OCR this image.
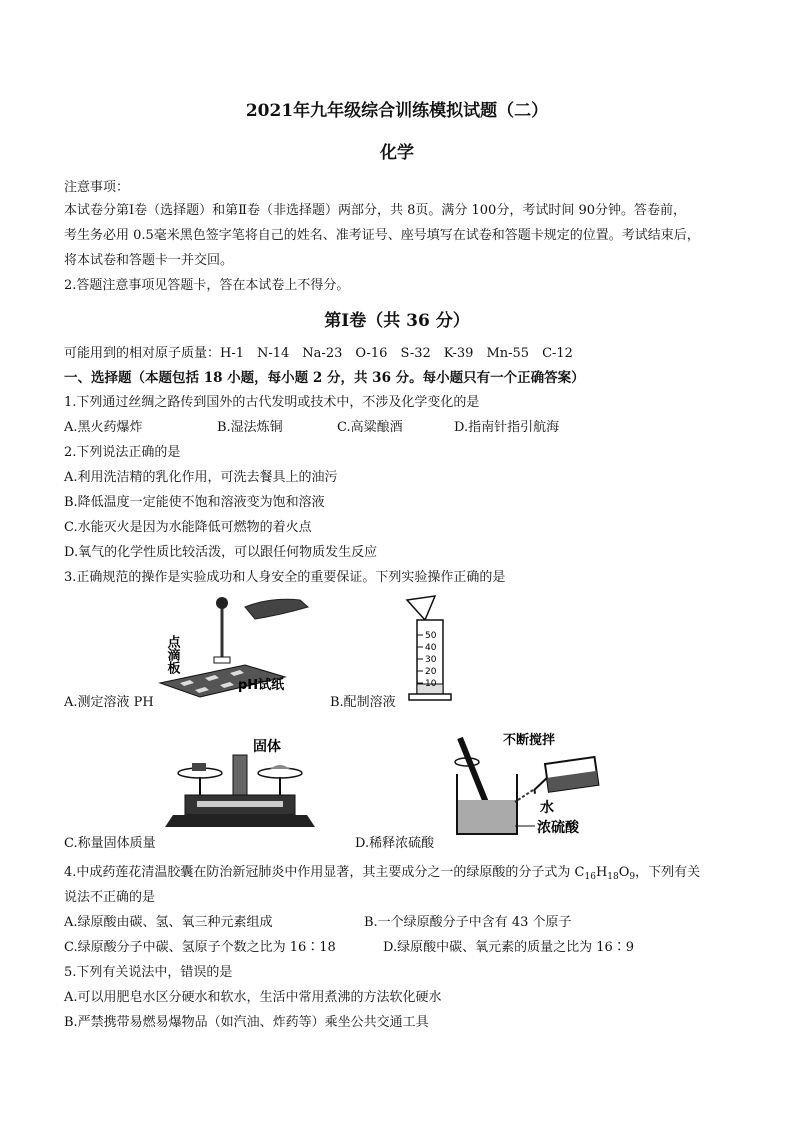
2021年九年级综合训练模拟试题（二）
化学
注意事项：
本试卷分第Ⅰ卷（选择题）和第Ⅱ卷（非选择题）两部分，共 8页。满分 100分，考试时间 90分钟。答卷前，
考生务必用 0.5毫米黑色签字笔将自己的姓名、准考证号、座号填写在试卷和答题卡规定的位置。考试结束后，
将本试卷和答题卡一并交回。
2.答题注意事项见答题卡，答在本试卷上不得分。
第Ⅰ卷（共 36 分）
可能用到的相对原子质量：H-1　N-14　Na-23　O-16　S-32　K-39　Mn-55　C-12
一、选择题（本题包括 18 小题，每小题 2 分，共 36 分。每小题只有一个正确答案）
1.下列通过丝绸之路传到国外的古代发明或技术中，不涉及化学变化的是
A.黑火药爆炸	B.湿法炼铜	C.高粱酿酒	D.指南针指引航海
2.下列说法正确的是
A.利用洗洁精的乳化作用，可洗去餐具上的油污
B.降低温度一定能使不饱和溶液变为饱和溶液
C.水能灭火是因为水能降低可燃物的着火点
D.氧气的化学性质比较活泼，可以跟任何物质发生反应
3.正确规范的操作是实验成功和人身安全的重要保证。下列实验操作正确的是
点滴板
pH试纸
A.测定溶液 PH
50
40
30
20
10
B.配制溶液
固体
C.称量固体质量
不断搅拌
水
浓硫酸
D.稀释浓硫酸
4.中成药莲花清温胶囊在防治新冠肺炎中作用显著，其主要成分之一的绿原酸的分子式为 $C_{16}H_{18}O_9$，下列有关
说法不正确的是
A.绿原酸由碳、氢、氧三种元素组成	B.一个绿原酸分子中含有 43 个原子
C.绿原酸分子中碳、氢原子个数之比为 16∶18	D.绿原酸中碳、氧元素的质量之比为 16∶9
5.下列有关说法中，错误的是
A.可以用肥皂水区分硬水和软水，生活中常用煮沸的方法软化硬水
B.严禁携带易燃易爆物品（如汽油、炸药等）乘坐公共交通工具
